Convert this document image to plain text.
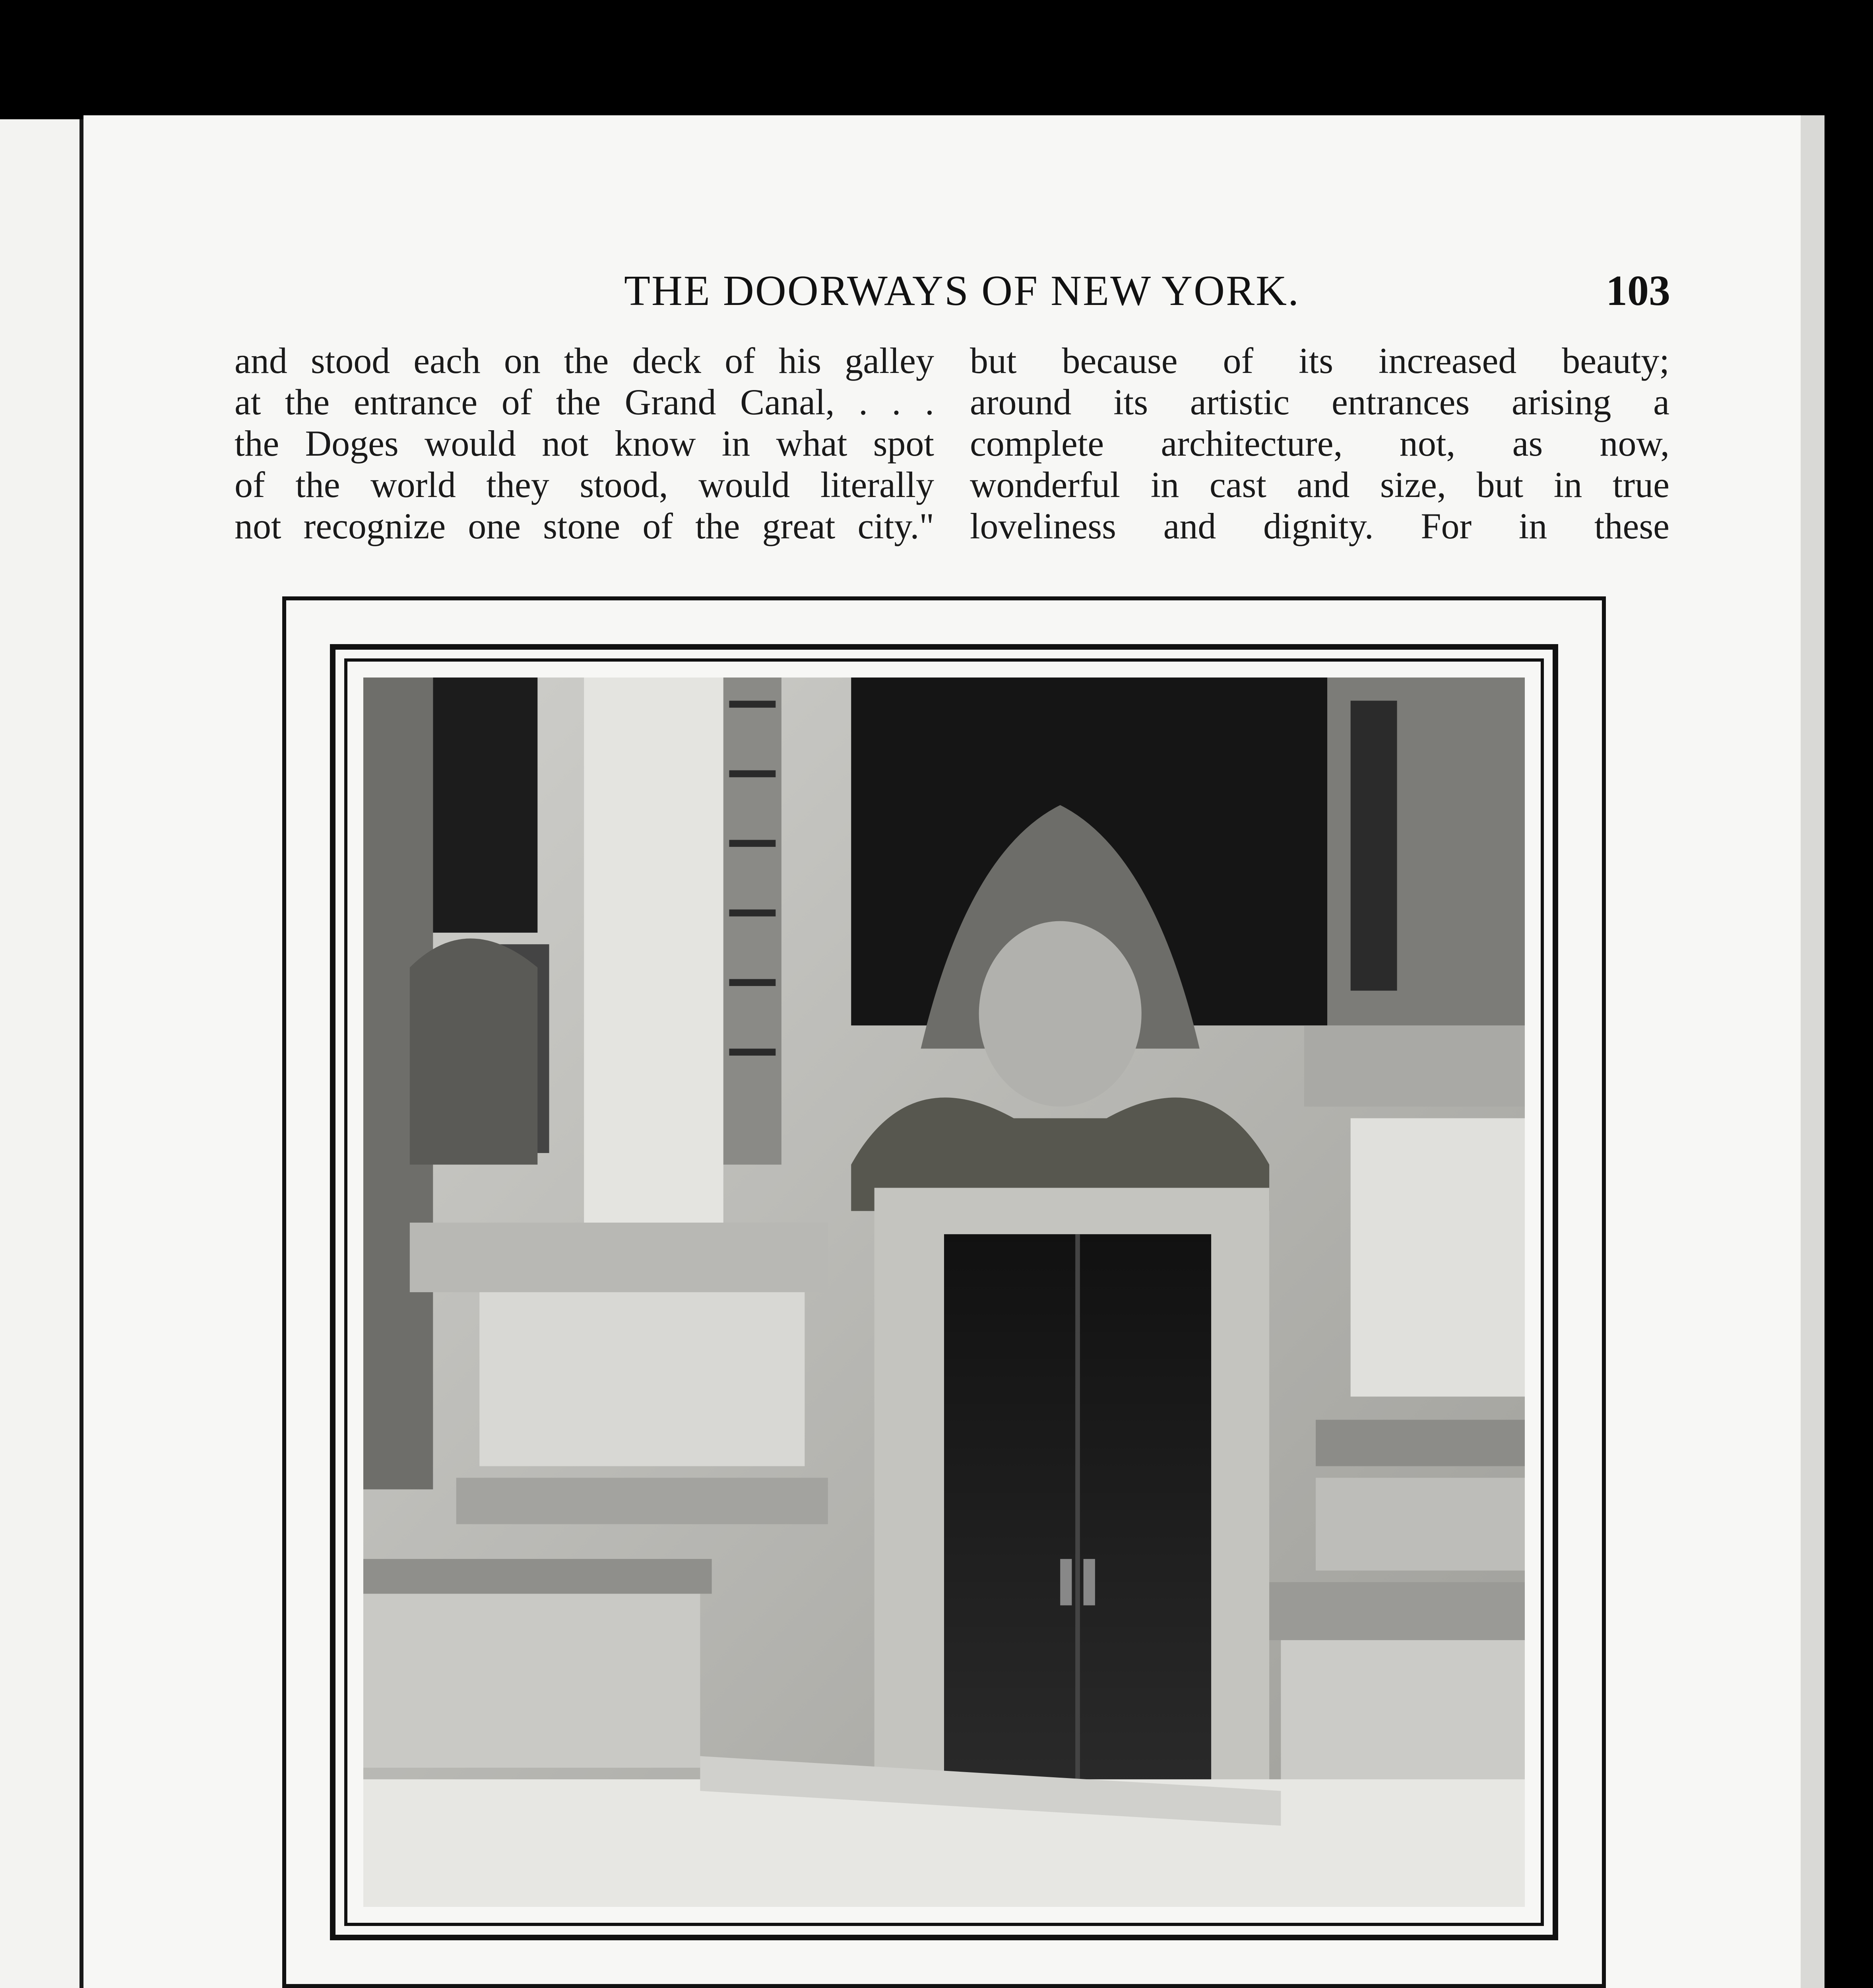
THE DOORWAYS OF NEW YORK.	103
and stood each on the deck of his galley
at the entrance of the Grand Canal, . . .
the Doges would not know in what spot
of the world they stood, would literally
not recognize one stone of the great city."
but because of its increased beauty;
around its artistic entrances arising a
complete architecture, not, as now,
wonderful in cast and size, but in true
loveliness and dignity. For in these
